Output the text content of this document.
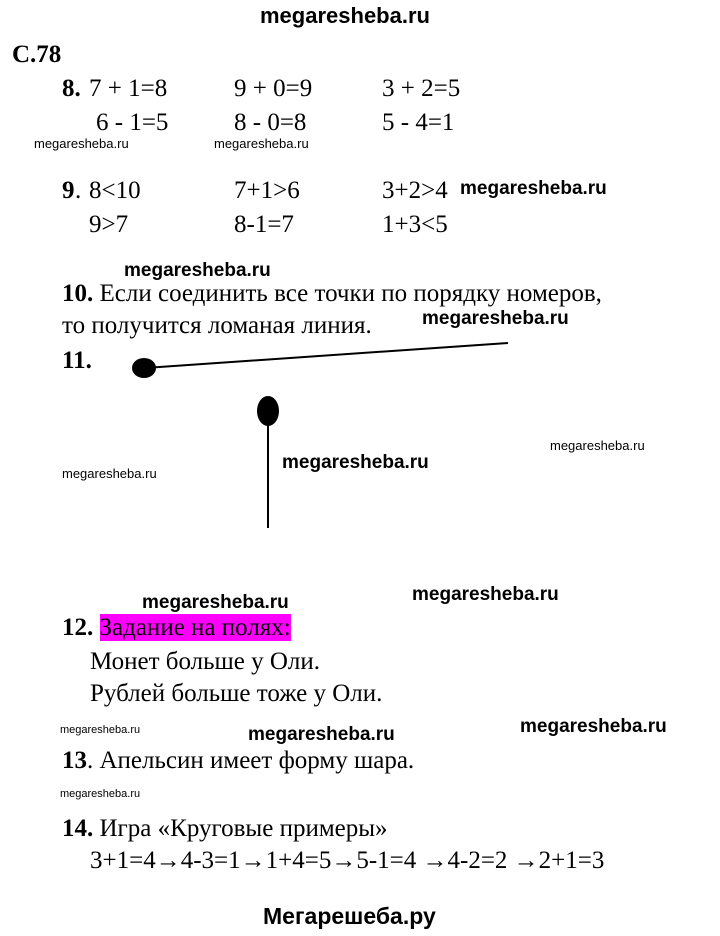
megaresheba.ru
С.78
8. 7 + 1=8	9 + 0=9	3 + 2=5
6 - 1=5	8 - 0=8	5 - 4=1
megaresheba.ru	megaresheba.ru
9 . 8<10	7+1>6	3+2>4 megaresheba.ru
9>7	8-1=7	1+3<5
megaresheba.ru
10. Если соединить все точки по порядку номеров,
то получится ломаная линия.	megaresheba.ru
11.
megaresheba.ru
megaresheba.ru
megaresheba.ru
megaresheba.ru
megaresheba.ru
12. Задание на полях:
Монет больше у Оли.
Рублей больше тоже у Оли.
megaresheba.ru	megaresheba.ru	megaresheba.ru
13. Апельсин имеет форму шара.
megaresheba.ru
14. Игра «Круговые примеры»
3+1=4→4-3=1→1+4=5→5-1=4 →4-2=2 →2+1=3
Мегарешеба.ру
